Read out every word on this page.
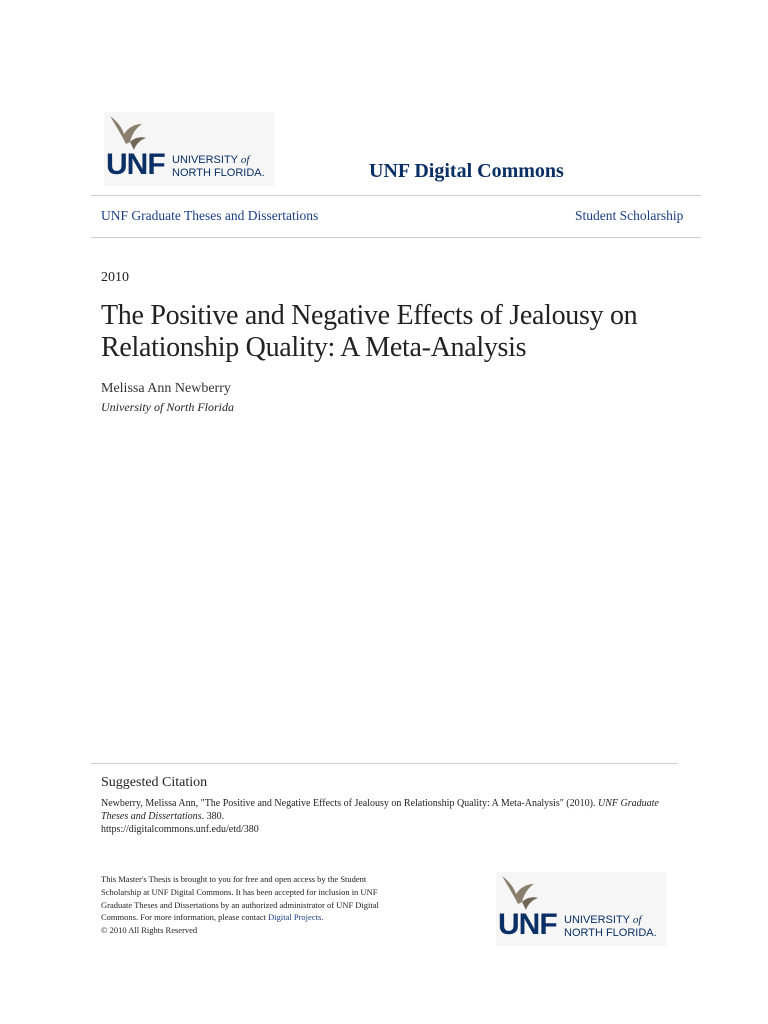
UNF UNIVERSITY of
NORTH FLORIDA.	UNF Digital Commons
UNF Graduate Theses and Dissertations	Student Scholarship
2010
The Positive and Negative Effects of Jealousy on Relationship Quality: A Meta-Analysis
Melissa Ann Newberry
University of North Florida
Suggested Citation
Newberry, Melissa Ann, "The Positive and Negative Effects of Jealousy on Relationship Quality: A Meta-Analysis" (2010). UNF Graduate Theses and Dissertations. 380.
https://digitalcommons.unf.edu/etd/380
This Master's Thesis is brought to you for free and open access by the Student Scholarship at UNF Digital Commons. It has been accepted for inclusion in UNF Graduate Theses and Dissertations by an authorized administrator of UNF Digital Commons. For more information, please contact Digital Projects.
© 2010 All Rights Reserved	UNF UNIVERSITY of
NORTH FLORIDA.
